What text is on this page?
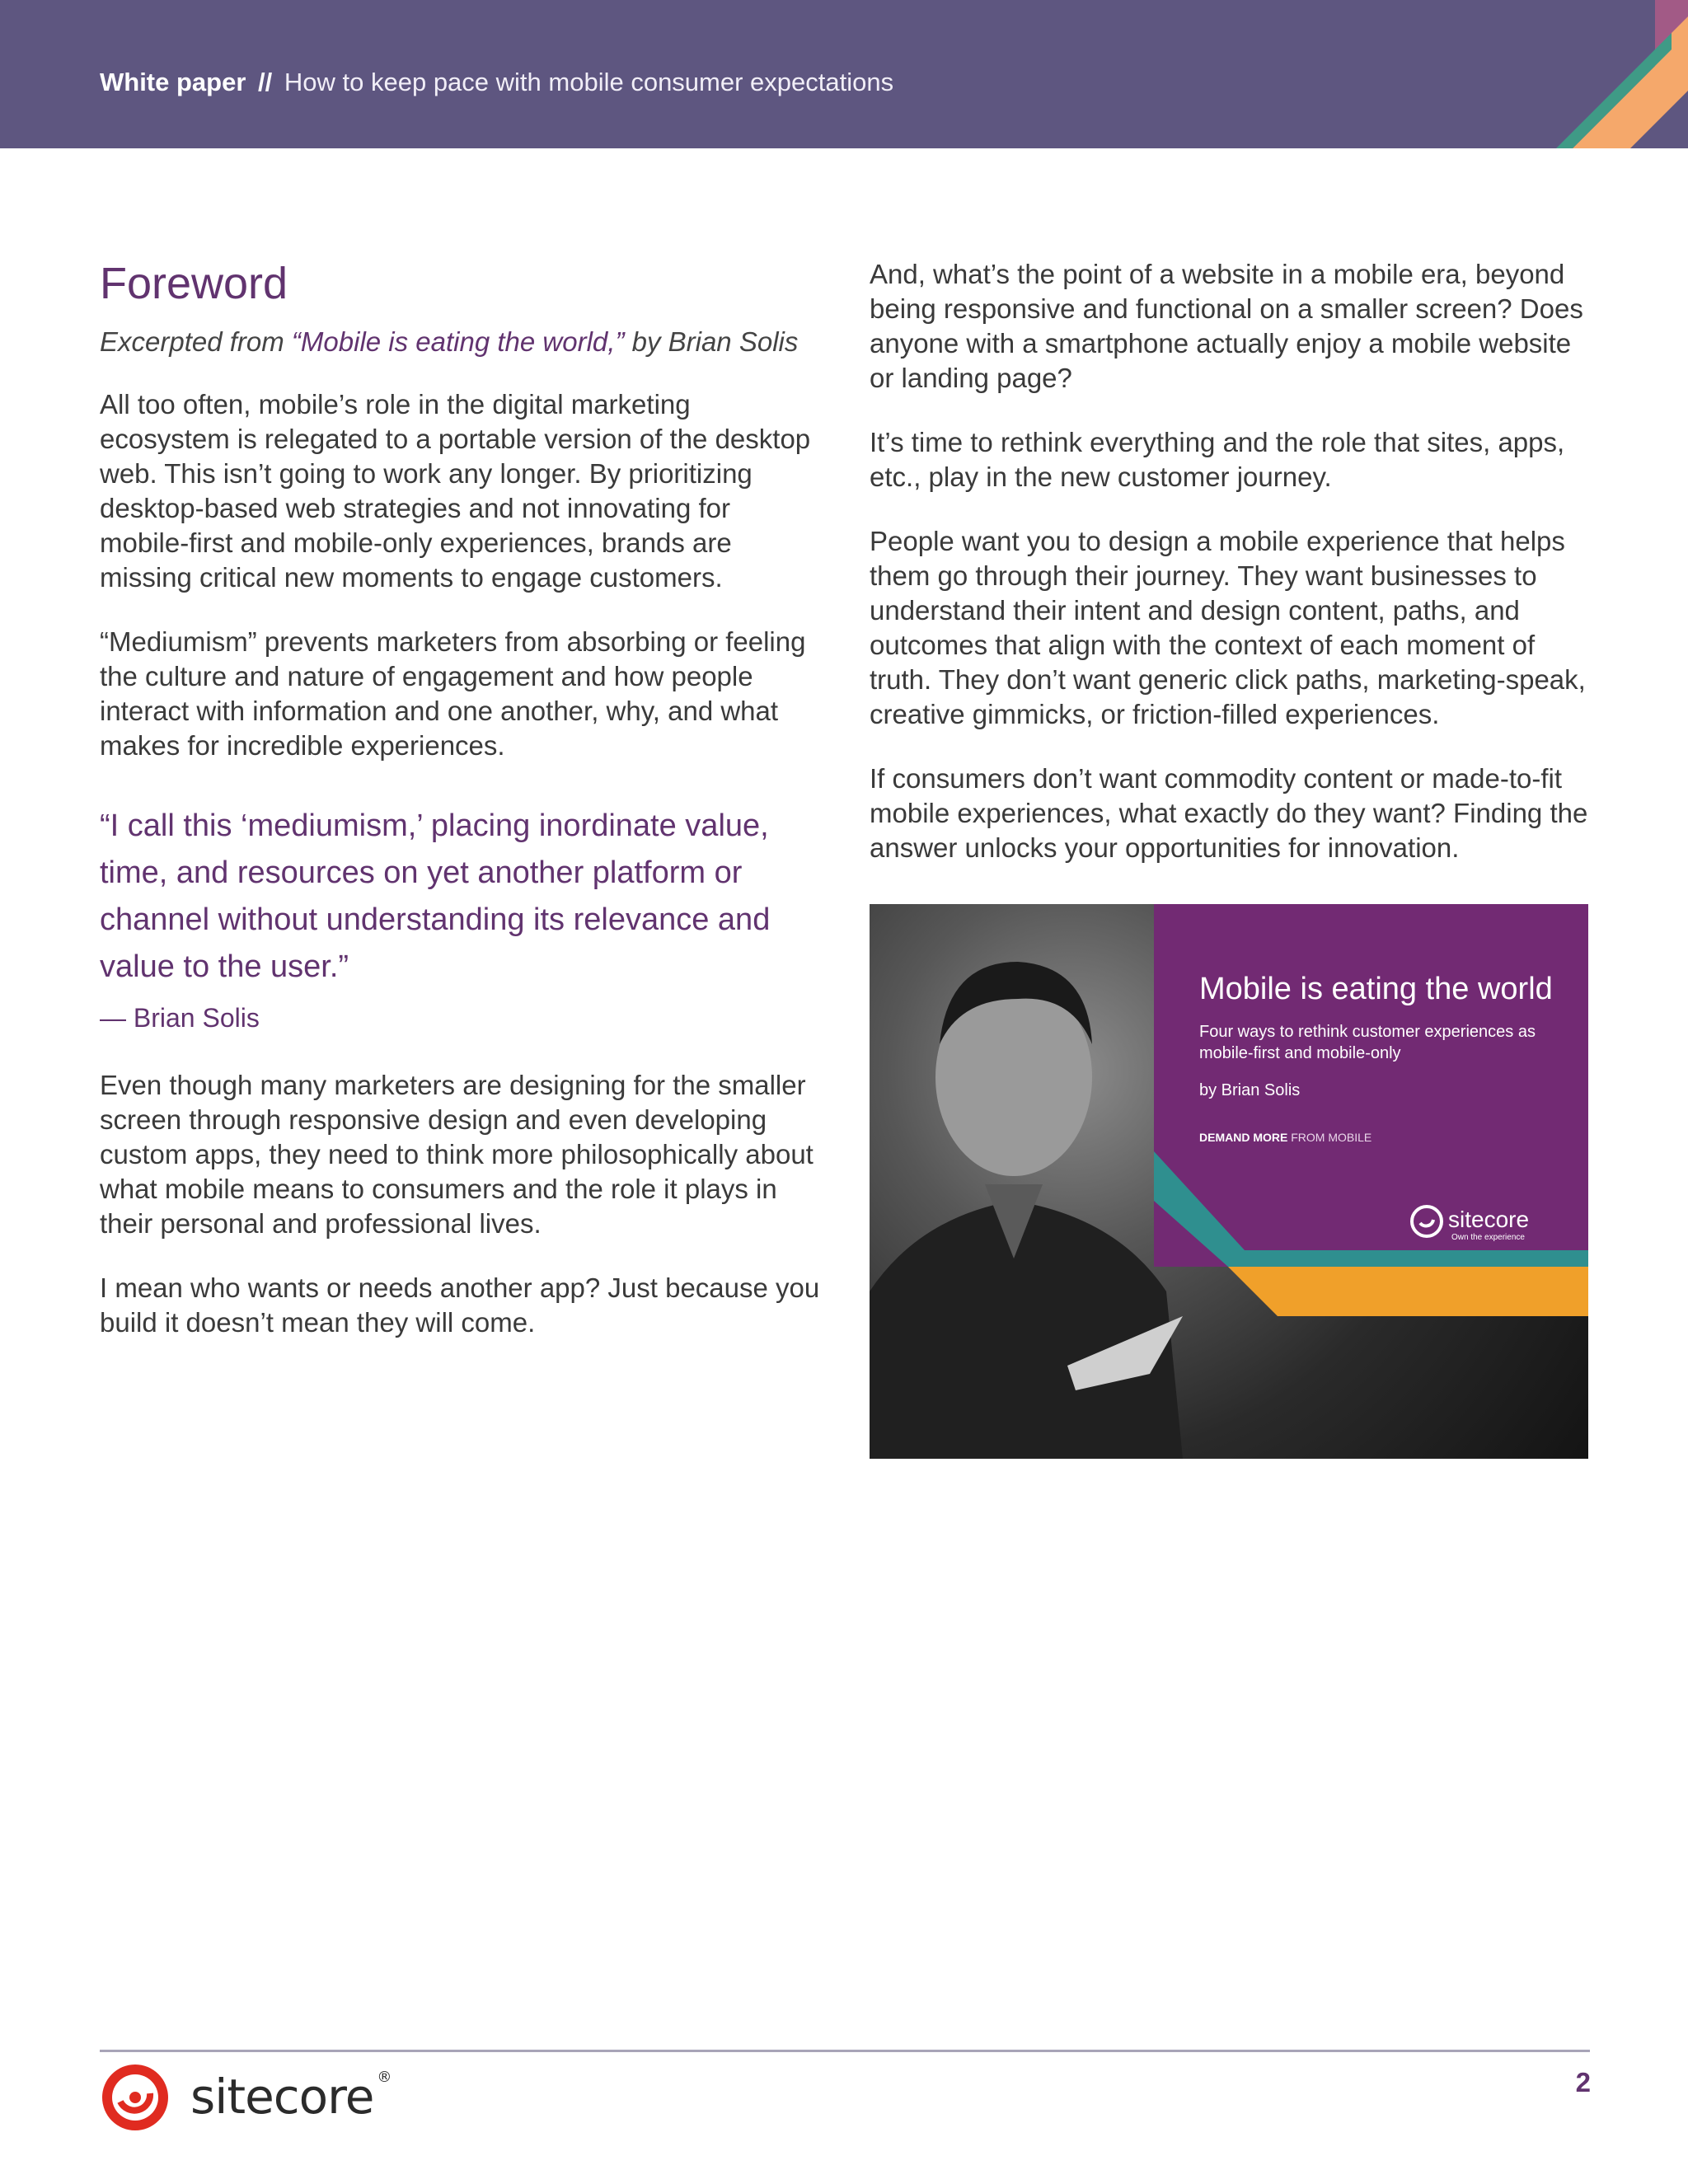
White paper // How to keep pace with mobile consumer expectations
Foreword

Excerpted from “Mobile is eating the world,” by Brian Solis

All too often, mobile’s role in the digital marketing ecosystem is relegated to a portable version of the desktop web. This isn’t going to work any longer. By prioritizing desktop-based web strategies and not innovating for mobile-first and mobile-only experiences, brands are missing critical new moments to engage customers.

“Mediumism” prevents marketers from absorbing or feeling the culture and nature of engagement and how people interact with information and one another, why, and what makes for incredible experiences.

“I call this ‘mediumism,’ placing inordinate value, time, and resources on yet another platform or channel without understanding its relevance and value to the user.”

— Brian Solis

Even though many marketers are designing for the smaller screen through responsive design and even developing custom apps, they need to think more philosophically about what mobile means to consumers and the role it plays in their personal and professional lives.

I mean who wants or needs another app? Just because you build it doesn’t mean they will come.

And, what’s the point of a website in a mobile era, beyond being responsive and functional on a smaller screen? Does anyone with a smartphone actually enjoy a mobile website or landing page?

It’s time to rethink everything and the role that sites, apps, etc., play in the new customer journey.

People want you to design a mobile experience that helps them go through their journey. They want businesses to understand their intent and design content, paths, and outcomes that align with the context of each moment of truth. They don’t want generic click paths, marketing-speak, creative gimmicks, or friction-filled experiences.

If consumers don’t want commodity content or made-to-fit mobile experiences, what exactly do they want? Finding the answer unlocks your opportunities for innovation.

Mobile is eating the world
Four ways to rethink customer experiences as mobile-first and mobile-only
by Brian Solis
DEMAND MORE FROM MOBILE
sitecore
Own the experience
sitecore ®	2
